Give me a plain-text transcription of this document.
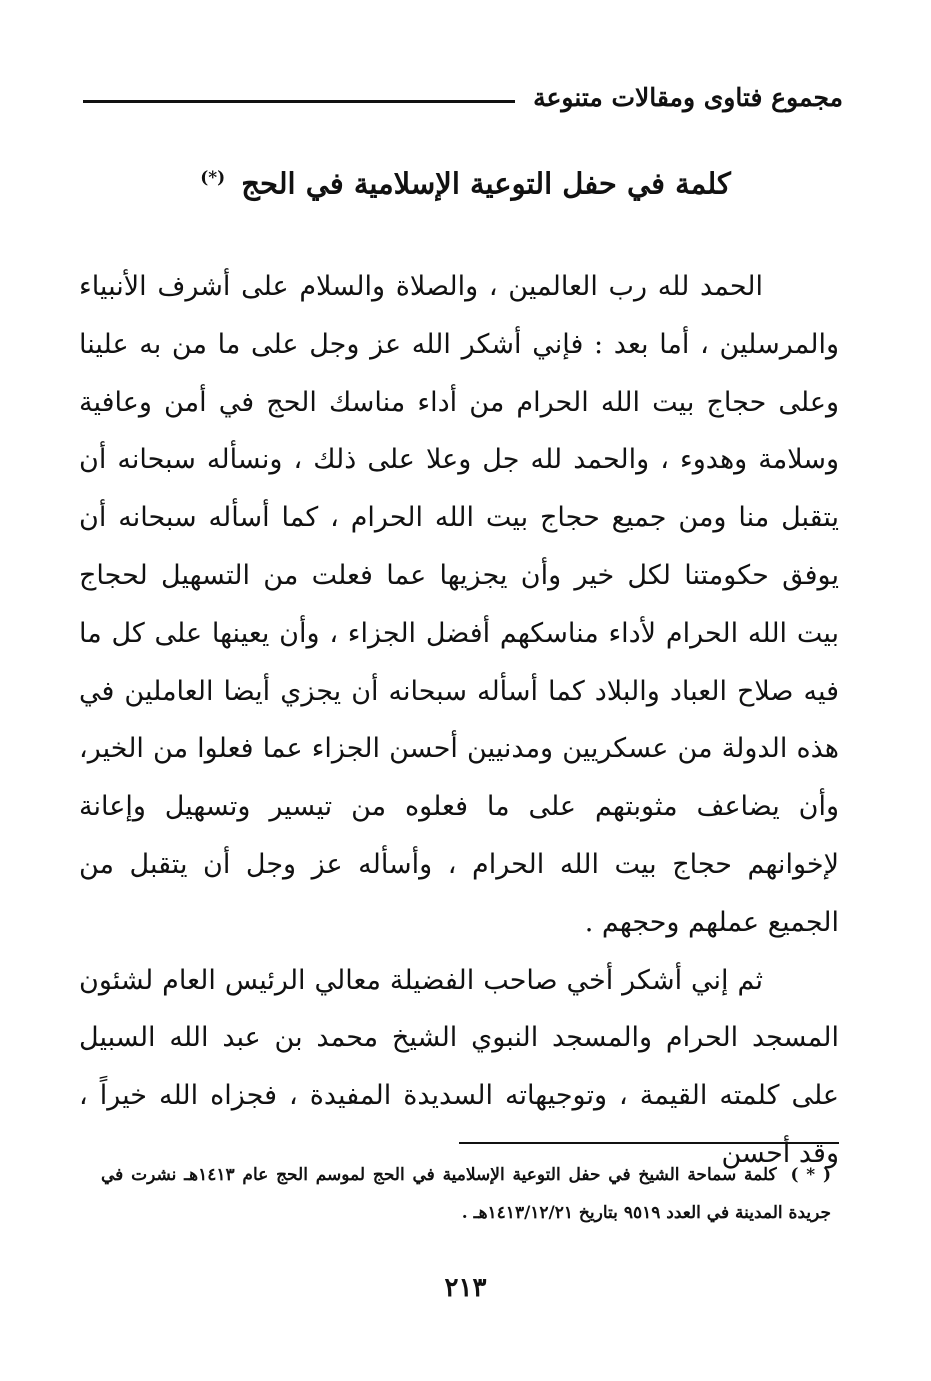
مجموع فتاوى ومقالات متنوعة
كلمة في حفل التوعية الإسلامية في الحج (*)

الحمد لله رب العالمين ، والصلاة والسلام على أشرف الأنبياء والمرسلين ، أما بعد : فإني أشكر الله عز وجل على ما من به علينا وعلى حجاج بيت الله الحرام من أداء مناسك الحج في أمن وعافية وسلامة وهدوء ، والحمد لله جل وعلا على ذلك ، ونسأله سبحانه أن يتقبل منا ومن جميع حجاج بيت الله الحرام ، كما أسأله سبحانه أن يوفق حكومتنا لكل خير وأن يجزيها عما فعلت من التسهيل لحجاج بيت الله الحرام لأداء مناسكهم أفضل الجزاء ، وأن يعينها على كل ما فيه صلاح العباد والبلاد كما أسأله سبحانه أن يجزي أيضا العاملين في هذه الدولة من عسكريين ومدنيين أحسن الجزاء عما فعلوا من الخير، وأن يضاعف مثوبتهم على ما فعلوه من تيسير وتسهيل وإعانة لإخوانهم حجاج بيت الله الحرام ، وأسأله عز وجل أن يتقبل من الجميع عملهم وحجهم .

ثم إني أشكر أخي صاحب الفضيلة معالي الرئيس العام لشئون المسجد الحرام والمسجد النبوي الشيخ محمد بن عبد الله السبيل على كلمته القيمة ، وتوجيهاته السديدة المفيدة ، فجزاه الله خيراً ، وقد أحسن

( * ) كلمة سماحة الشيخ في حفل التوعية الإسلامية في الحج لموسم الحج عام ١٤١٣هـ نشرت في جريدة المدينة في العدد ٩٥١٩ بتاريخ ١٤١٣/١٢/٢١هـ .
٢١٣
